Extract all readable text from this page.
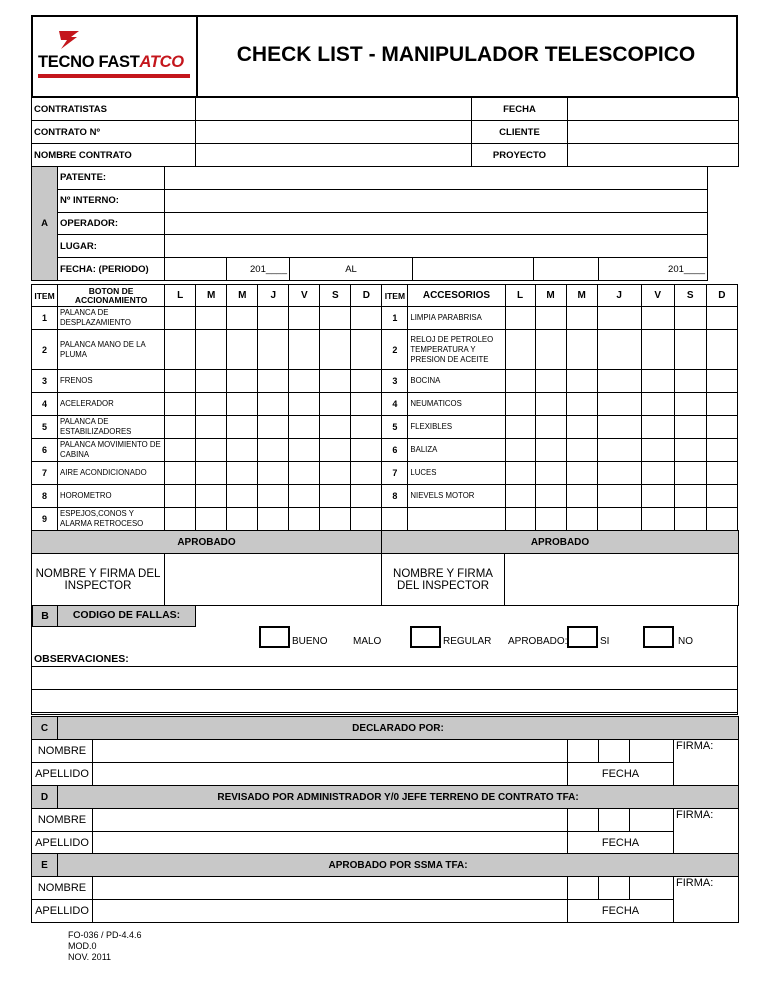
TECNO FASTATCO	CHECK LIST - MANIPULADOR TELESCOPICO
CONTRATISTAS		FECHA	
CONTRATO Nº		CLIENTE	
NOMBRE CONTRATO		PROYECTO	
A	PATENTE:						
	Nº INTERNO:						
	OPERADOR:						
	LUGAR:						
	FECHA: (PERIODO)		201____	AL			201____
ITEM	BOTON DE ACCIONAMIENTO	L	M	M	J	V	S	D	ITEM	ACCESORIOS	L	M	M	J	V	S	D
1	PALANCA DE DESPLAZAMIENTO								1	LIMPIA PARABRISA							
2	PALANCA MANO DE LA PLUMA								2	RELOJ DE PETROLEO TEMPERATURA Y PRESION DE ACEITE							
3	FRENOS								3	BOCINA							
4	ACELERADOR								4	NEUMATICOS							
5	PALANCA DE ESTABILIZADORES								5	FLEXIBLES							
6	PALANCA MOVIMIENTO DE CABINA								6	BALIZA							
7	AIRE ACONDICIONADO								7	LUCES							
8	HOROMETRO								8	NIEVELS MOTOR							
9	ESPEJOS,CONOS Y ALARMA RETROCESO																
APROBADO		APROBADO	
NOMBRE Y FIRMA DEL INSPECTOR		NOMBRE Y FIRMA DEL INSPECTOR	
B	CODIGO DE FALLAS:
BUENO	MALO	REGULAR APROBADO:	SI	NO
OBSERVACIONES:
C	DECLARADO POR:					
NOMBRE						FIRMA:
APELLIDO			FECHA			
D	REVISADO POR ADMINISTRADOR Y/0 JEFE TERRENO DE CONTRATO TFA:					
NOMBRE						FIRMA:
APELLIDO			FECHA			
E	APROBADO POR SSMA TFA:					
NOMBRE						FIRMA:
APELLIDO			FECHA			
FO-036 / PD-4.4.6
MOD.0
NOV. 2011
